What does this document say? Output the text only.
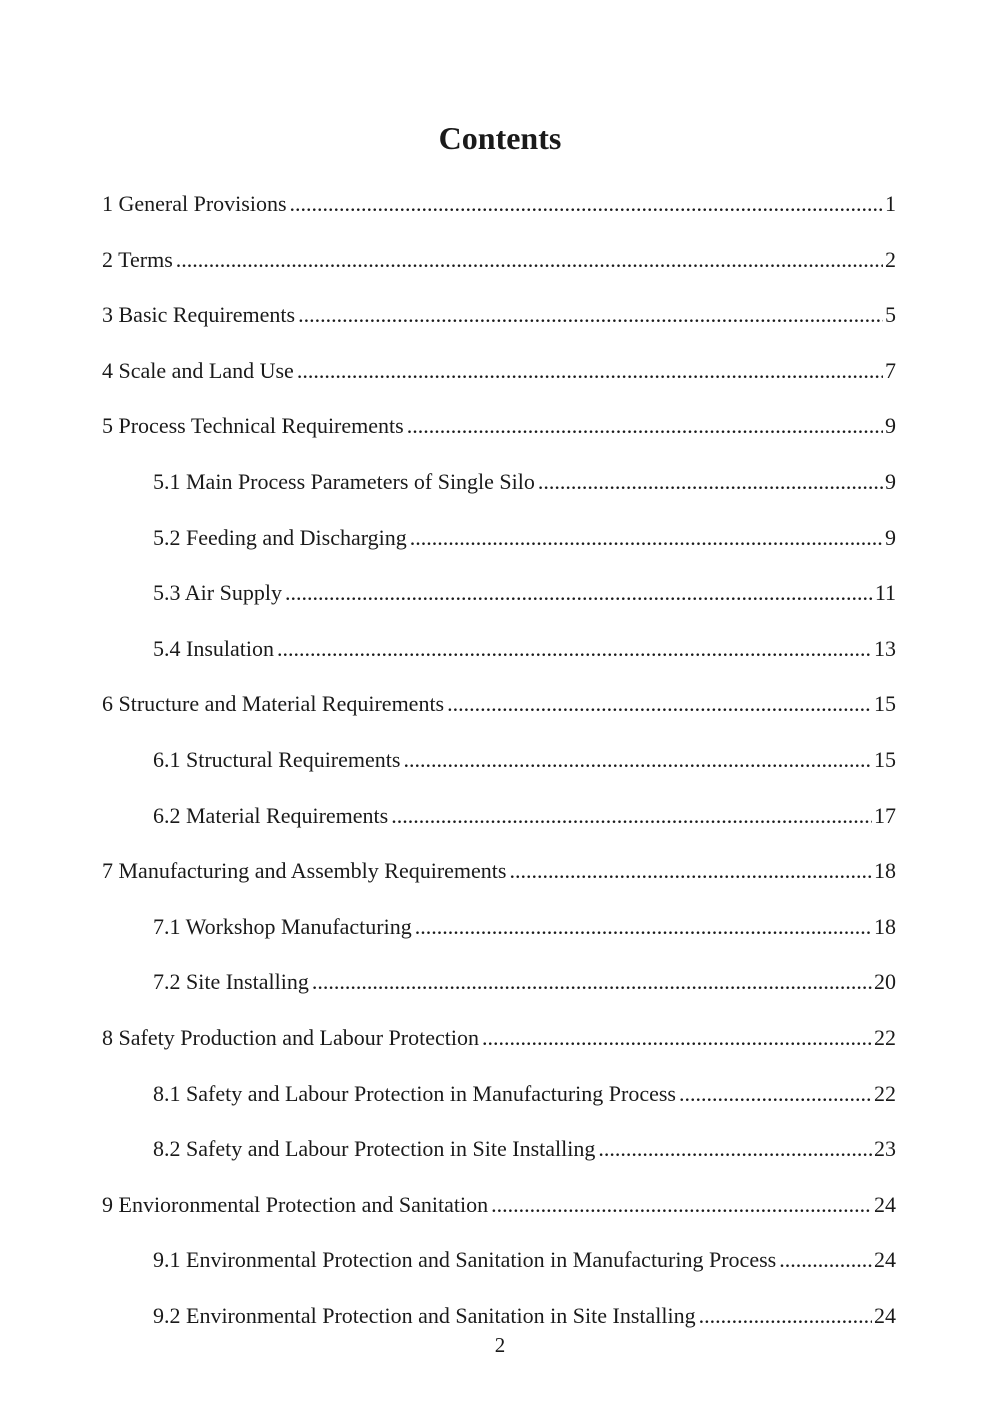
Contents
1 General Provisions .....	1
2 Terms .....	2
3 Basic Requirements .....	5
4 Scale and Land Use .....	7
5 Process Technical Requirements .....	9
5.1 Main Process Parameters of Single Silo .....	9
5.2 Feeding and Discharging .....	9
5.3 Air Supply .....	11
5.4 Insulation .....	13
6 Structure and Material Requirements .....	15
6.1 Structural Requirements .....	15
6.2 Material Requirements .....	17
7 Manufacturing and Assembly Requirements .....	18
7.1 Workshop Manufacturing .....	18
7.2 Site Installing .....	20
8 Safety Production and Labour Protection .....	22
8.1 Safety and Labour Protection in Manufacturing Process .....	22
8.2 Safety and Labour Protection in Site Installing .....	23
9 Envioronmental Protection and Sanitation .....	24
9.1 Environmental Protection and Sanitation in Manufacturing Process .....	24
9.2 Environmental Protection and Sanitation in Site Installing .....	24
2
